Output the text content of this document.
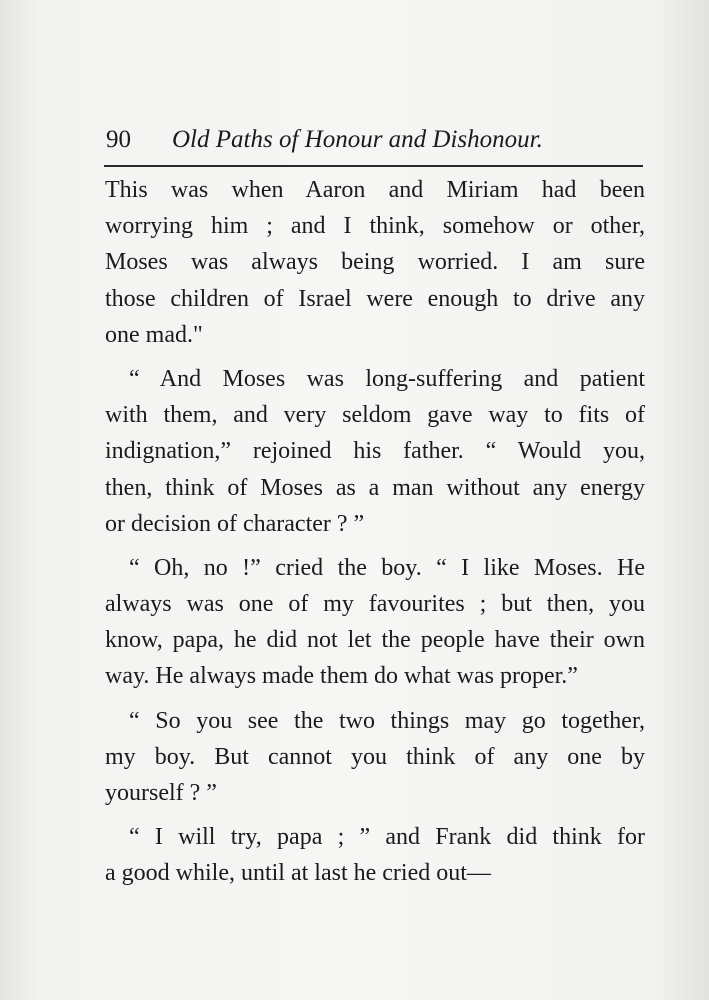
90 Old Paths of Honour and Dishonour.
This was when Aaron and Miriam had been
worrying him ; and I think, somehow or other,
Moses was always being worried. I am sure
those children of Israel were enough to drive any
one mad."
“ And Moses was long-suffering and patient
with them, and very seldom gave way to fits of
indignation,” rejoined his father. “ Would you,
then, think of Moses as a man without any energy
or decision of character ? ”
“ Oh, no !” cried the boy. “ I like Moses. He
always was one of my favourites ; but then, you
know, papa, he did not let the people have their own
way. He always made them do what was proper.”
“ So you see the two things may go together,
my boy. But cannot you think of any one by
yourself ? ”
“ I will try, papa ; ” and Frank did think for
a good while, until at last he cried out—
